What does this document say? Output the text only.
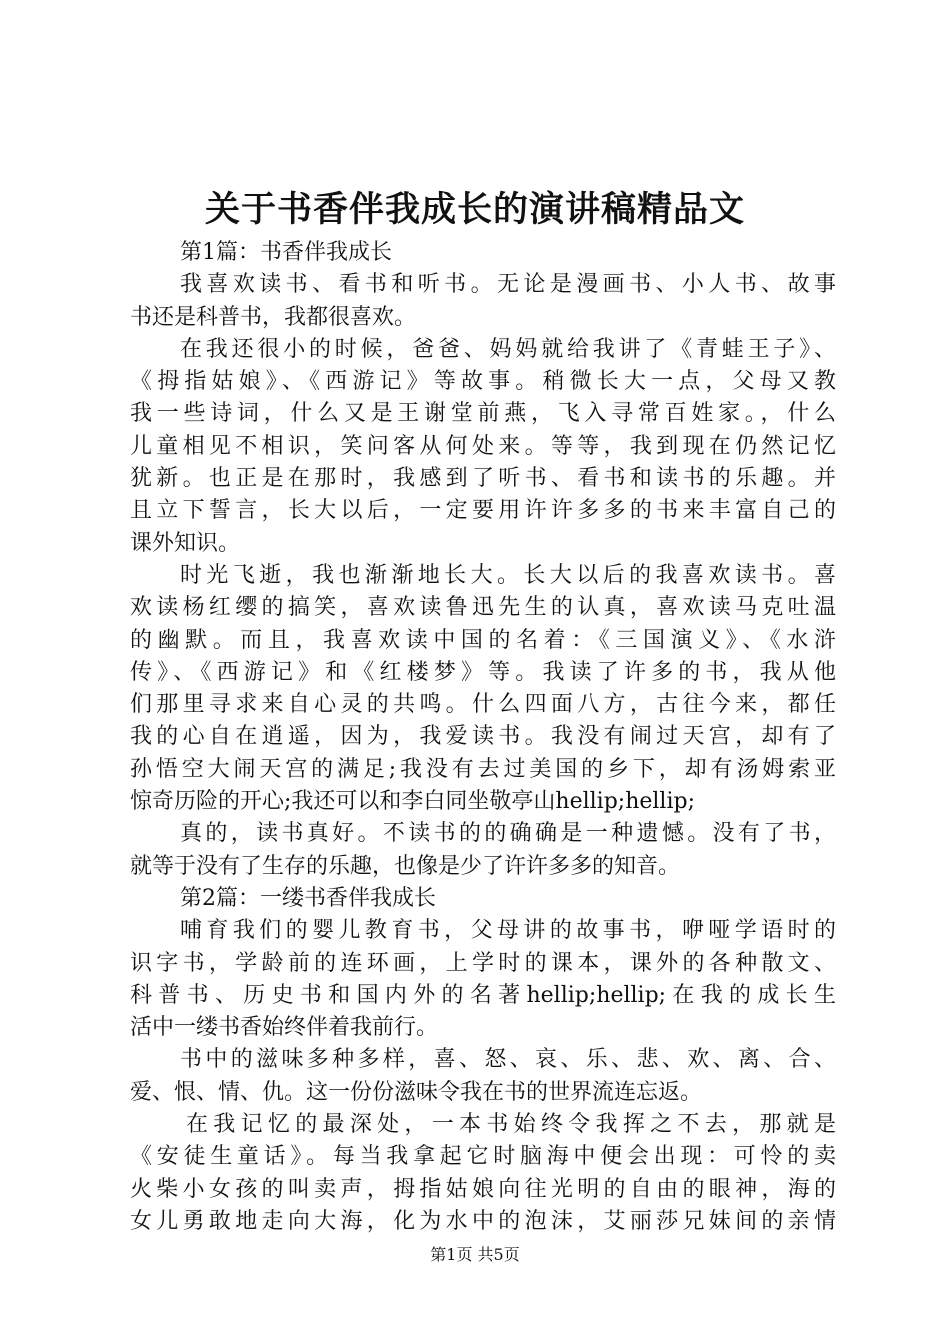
关于书香伴我成长的演讲稿精品文
第1篇：书香伴我成长
我喜欢读书、看书和听书。无论是漫画书、小人书、故事
书还是科普书，我都很喜欢。
在我还很小的时候，爸爸、妈妈就给我讲了《青蛙王子》、
《拇指姑娘》、《西游记》等故事。稍微长大一点，父母又教
我一些诗词，什么又是王谢堂前燕，飞入寻常百姓家。，什么
儿童相见不相识，笑问客从何处来。等等，我到现在仍然记忆
犹新。也正是在那时，我感到了听书、看书和读书的乐趣。并
且立下誓言，长大以后，一定要用许许多多的书来丰富自己的
课外知识。
时光飞逝，我也渐渐地长大。长大以后的我喜欢读书。喜
欢读杨红缨的搞笑，喜欢读鲁迅先生的认真，喜欢读马克吐温
的幽默。而且，我喜欢读中国的名着：《三国演义》、《水浒
传》、《西游记》和《红楼梦》等。我读了许多的书，我从他
们那里寻求来自心灵的共鸣。什么四面八方，古往今来，都任
我的心自在逍遥，因为，我爱读书。我没有闹过天宫，却有了
孙悟空大闹天宫的满足;我没有去过美国的乡下，却有汤姆索亚
惊奇历险的开心;我还可以和李白同坐敬亭山hellip;hellip;
真的，读书真好。不读书的的确确是一种遗憾。没有了书，
就等于没有了生存的乐趣，也像是少了许许多多的知音。
第2篇：一缕书香伴我成长
哺育我们的婴儿教育书，父母讲的故事书，咿哑学语时的
识字书，学龄前的连环画，上学时的课本，课外的各种散文、
科普书、历史书和国内外的名著hellip;hellip;在我的成长生
活中一缕书香始终伴着我前行。
书中的滋味多种多样，喜、怒、哀、乐、悲、欢、离、合、
爱、恨、情、仇。这一份份滋味令我在书的世界流连忘返。
在我记忆的最深处，一本书始终令我挥之不去，那就是
《安徒生童话》。每当我拿起它时脑海中便会出现：可怜的卖
火柴小女孩的叫卖声，拇指姑娘向往光明的自由的眼神，海的
女儿勇敢地走向大海，化为水中的泡沫，艾丽莎兄妹间的亲情
第1页 共5页
